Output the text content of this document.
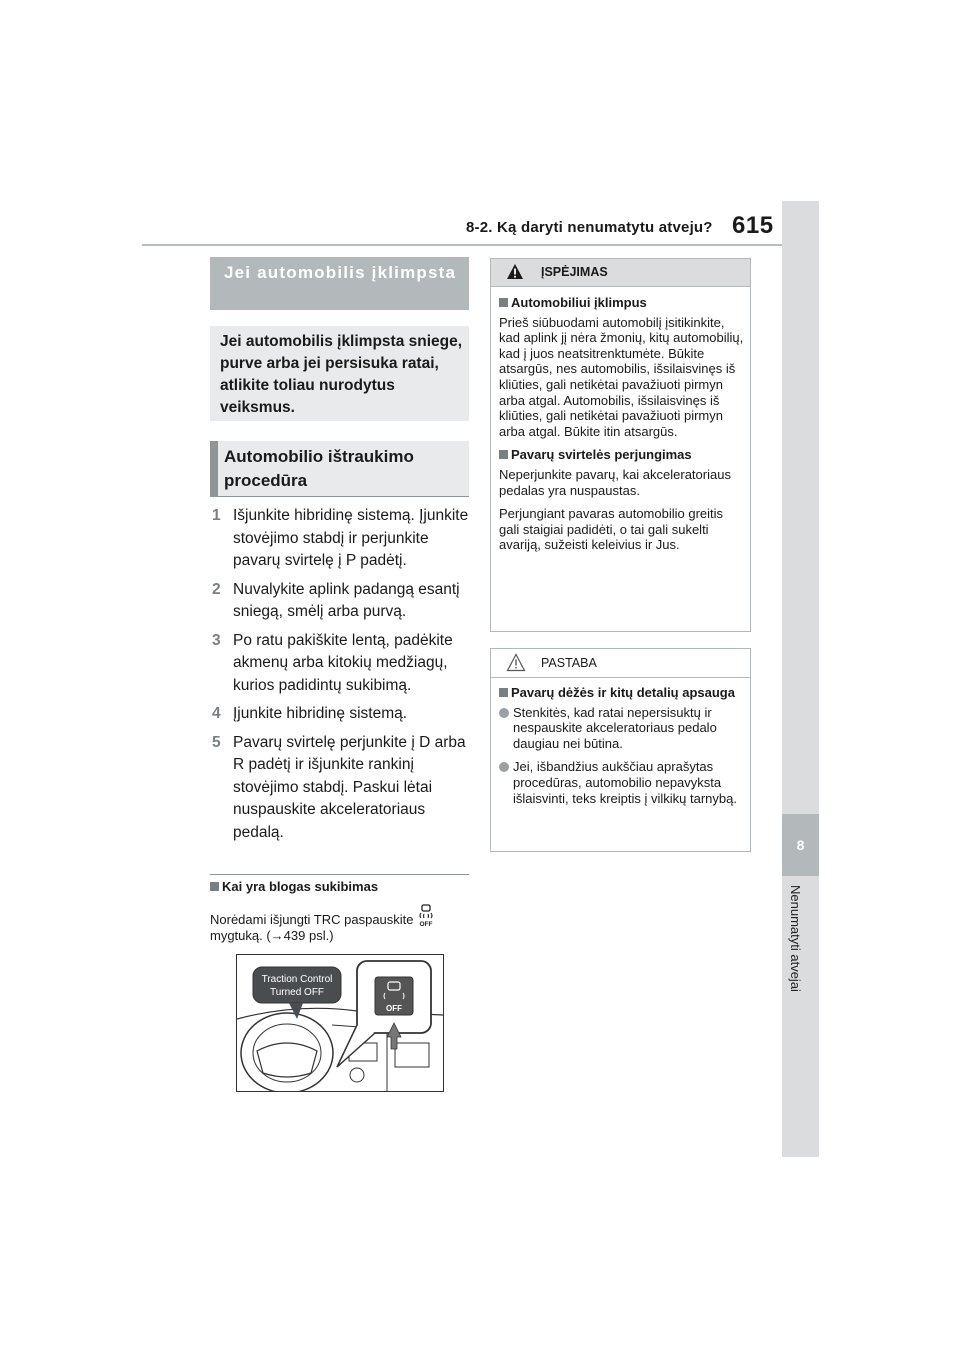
8-2. Ką daryti nenumatytu atveju? 615
8
Nenumatyti atvejai
Jei automobilis įklimpsta
Jei automobilis įklimpsta sniege, purve arba jei persisuka ratai, atlikite toliau nurodytus veiksmus.
Automobilio ištraukimo procedūra
1 Išjunkite hibridinę sistemą. Įjunkite stovėjimo stabdį ir perjunkite pavarų svirtelę į P padėtį.
2 Nuvalykite aplink padangą esantį sniegą, smėlį arba purvą.
3 Po ratu pakiškite lentą, padėkite akmenų arba kitokių medžiagų, kurios padidintų sukibimą.
4 Įjunkite hibridinę sistemą.
5 Pavarų svirtelę perjunkite į D arba R padėtį ir išjunkite rankinį stovėjimo stabdį. Paskui lėtai nuspauskite akceleratoriaus pedalą.
Kai yra blogas sukibimas
Norėdami išjungti TRC paspauskite OFF

mygtuką. (→439 psl.)
Traction Control
Turned OFF
OFF
ĮSPĖJIMAS
Automobiliui įklimpus

Prieš siūbuodami automobilį įsitikinkite, kad aplink jį nėra žmonių, kitų automobilių, kad į juos neatsitrenktumėte. Būkite atsargūs, nes automobilis, išsilaisvinęs iš kliūties, gali netikėtai pavažiuoti pirmyn arba atgal. Automobilis, išsilaisvinęs iš kliūties, gali netikėtai pavažiuoti pirmyn arba atgal. Būkite itin atsargūs.

Pavarų svirtelės perjungimas

Neperjunkite pavarų, kai akceleratoriaus pedalas yra nuspaustas.

Perjungiant pavaras automobilio greitis gali staigiai padidėti, o tai gali sukelti avariją, sužeisti keleivius ir Jus.

PASTABA
Pavarų dėžės ir kitų detalių apsauga
Stenkitės, kad ratai nepersisuktų ir nespauskite akceleratoriaus pedalo daugiau nei būtina.
Jei, išbandžius aukščiau aprašytas procedūras, automobilio nepavyksta išlaisvinti, teks kreiptis į vilkikų tarnybą.
